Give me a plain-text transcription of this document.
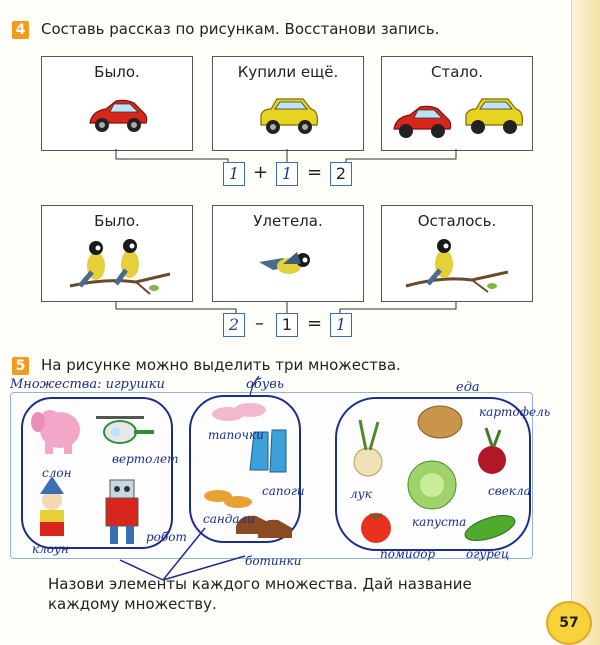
4 Составь рассказ по рисункам. Восстанови запись.
Было.	Купили ещё.	Стало.
1 + 1 = 2
Было.	Улетела.	Осталось.
2 –	1 = 1
5 На рисунке можно выделить три множества.
Множества: игрушки	обувь	еда
слон
вертолет
клоун
робот
тапочки
сапоги
сандали
ботинки
картофель
лук	свекла
капуста
помидор	огурец
Назови элементы каждого множества. Дай название каждому множеству.
57
